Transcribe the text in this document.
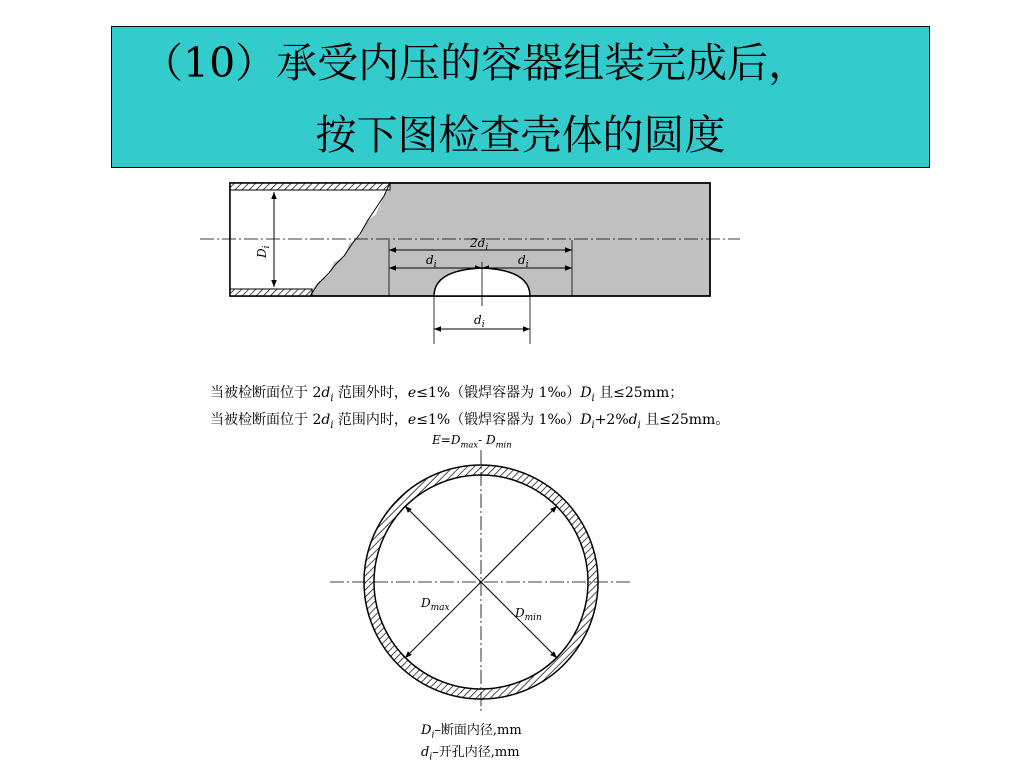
（10）承受内压的容器组装完成后，
按下图检查壳体的圆度
$D_i$	$2d_i$
$d_i$	$d_i$
$d_i$
$D_{max}$	$D_{min}$
当被检断面位于 $2d_i$ 范围外时，e≤1%（锻焊容器为 $1‰)D_i$ 且≤25mm；
当被检断面位于 $2d_i$ 范围内时，e≤1%（锻焊容器为 $1‰)D_i+2\%d_i$ 且≤25mm。
$E=D_{max}-$ $D_{min}$
$D_i-$断面内径,mm
$d_i-$开孔内径,mm
